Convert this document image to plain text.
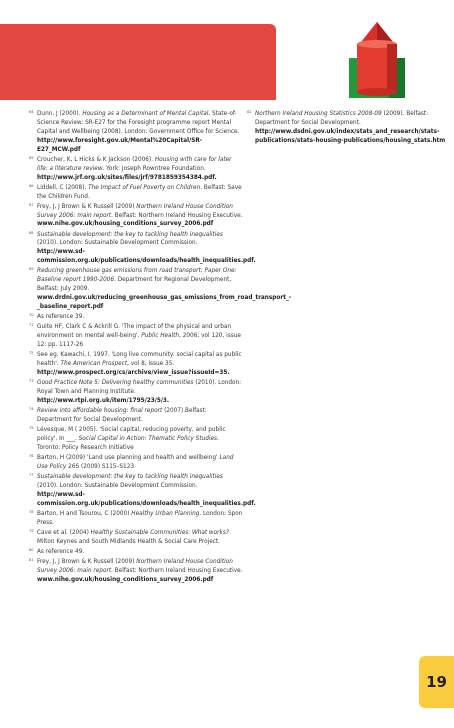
64 Dunn, J (2000). Housing as a Determinant of Mental Capital. State-of-Science Review: SR-E27 for the Foresight programme report Mental Capital and Wellbeing (2008). London: Government Office for Science. http://www.foresight.gov.uk/Mental%20Capital/SR-E27_MCW.pdf

65 Croucher, K, L Hicks & K Jackson (2006). Housing with care for later life: a literature review. York: Joseph Rowntree Foundation. http://www.jrf.org.uk/sites/files/jrf/9781859354384.pdf.

66 Liddell, C (2008). The Impact of Fuel Poverty on Children. Belfast: Save the Children Fund.

67 Frey, J, J Brown & K Russell (2009) Northern Ireland House Condition Survey 2006: main report. Belfast: Northern Ireland Housing Executive. www.nihe.gov.uk/housing_conditions_survey_2006.pdf

68 Sustainable development: the key to tackling health inequalities (2010). London: Sustainable Development Commission. http://www.sd-commission.org.uk/publications/downloads/health_inequalities.pdf.

69 Reducing greenhouse gas emissions from road transport: Paper One: Baseline report 1990-2006. Department for Regional Development, Belfast: July 2009. www.drdni.gov.uk/reducing_greenhouse_gas_emissions_from_road_transport_-_baseline_report.pdf

70 As reference 39.

71 Guite HF, Clark C & Ackrill G. 'The impact of the physical and urban environment on mental well-being'. Public Health, 2006; vol 120, issue 12: pp. 1117-26

72 See eg. Kawachi, I. 1997. 'Long live community: social capital as public health'. The American Prospect, vol 8, issue 35. http://www.prospect.org/cs/archive/view_issue?issueId=35.

73 Good Practice Note 5: Delivering healthy communities (2010). London: Royal Town and Planning Institute. http://www.rtpi.org.uk/item/1795/23/5/3.

74 Review into affordable housing: final report (2007).Belfast: Department for Social Development.

75 Lévesque, M ( 2005). 'Social capital, reducing poverty, and public policy'. In ___. Social Capital in Action: Thematic Policy Studies. Toronto: Policy Research Initiative

76 Barton, H (2009) 'Land use planning and health and wellbeing' Land Use Policy 26S (2009) S115–S123

77 Sustainable development: the key to tackling health inequalities (2010). London: Sustainable Development Commission. http://www.sd-commission.org.uk/publications/downloads/health_inequalities.pdf.

78 Barton, H and Tsourou, C (2000) Healthy Urban Planning. London: Spon Press.

79 Cave et al. (2004) Healthy Sustainable Communities: What works? Milton Keynes and South Midlands Health & Social Care Project.

80 As reference 49.

81 Frey, J, J Brown & K Russell (2009) Northern Ireland House Condition Survey 2006: main report. Belfast: Northern Ireland Housing Executive. www.nihe.gov.uk/housing_conditions_survey_2006.pdf

82 Northern Ireland Housing Statistics 2008-09 (2009). Belfast: Department for Social Development. http://www.dsdni.gov.uk/index/stats_and_research/stats-publications/stats-housing-publications/housing_stats.htm

19
